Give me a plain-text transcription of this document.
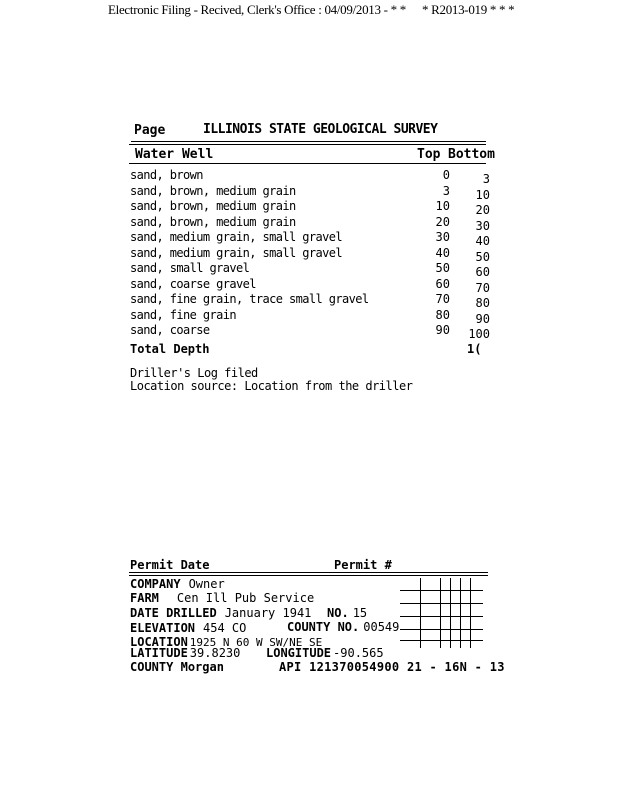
Electronic Filing - Recived, Clerk's Office : 04/09/2013 - * * * R2013-019 * * *
Page	ILLINOIS STATE GEOLOGICAL SURVEY
Water Well	Top Bottom
sand, brown	0	3
sand, brown, medium grain	3	10
sand, brown, medium grain	10	20
sand, brown, medium grain	20	30
sand, medium grain, small gravel	30	40
sand, medium grain, small gravel	40	50
sand, small gravel	50	60
sand, coarse gravel	60	70
sand, fine grain, trace small gravel	70	80
sand, fine grain	80	90
sand, coarse	90	100
Total Depth	1(
Driller's Log filed
Location source: Location from the driller
Permit Date	Permit #
COMPANY Owner
FARM Cen Ill Pub Service
DATE DRILLED January 1941 NO. 15
ELEVATION 454 CO	COUNTY NO. 00549
LOCATION 1925 N 60 W SW/NE SE
LATITUDE 39.8230 LONGITUDE -90.565
COUNTY Morgan	API 121370054900 21 - 16N - 13
